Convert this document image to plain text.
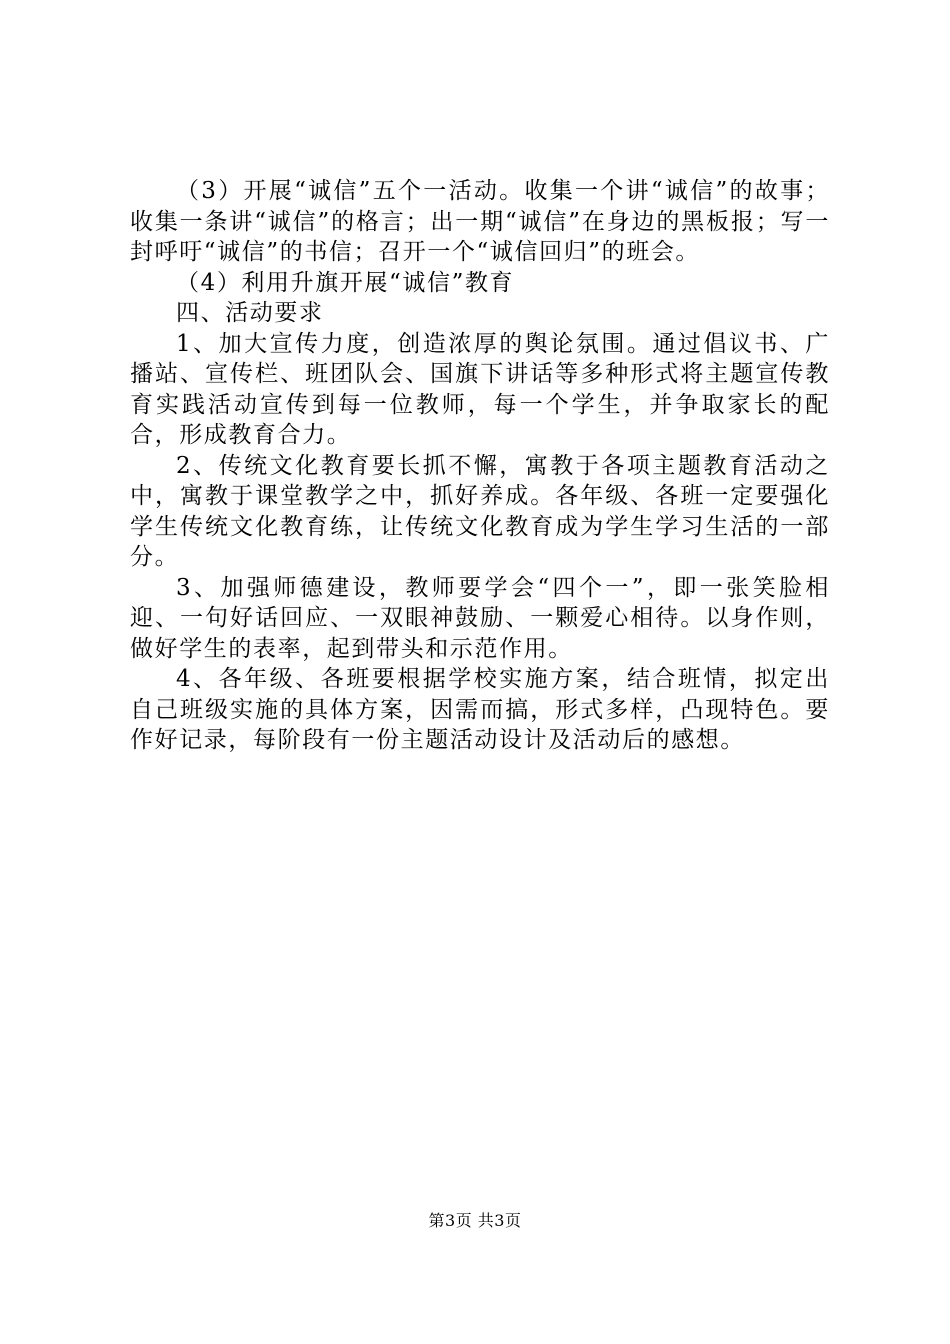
（3）开展“诚信”五个一活动。收集一个讲“诚信”的故事；收集一条讲“诚信”的格言；出一期“诚信”在身边的黑板报；写一封呼吁“诚信”的书信；召开一个“诚信回归”的班会。

（4）利用升旗开展“诚信”教育

四、活动要求

1、加大宣传力度，创造浓厚的舆论氛围。通过倡议书、广播站、宣传栏、班团队会、国旗下讲话等多种形式将主题宣传教育实践活动宣传到每一位教师，每一个学生，并争取家长的配合，形成教育合力。

2、传统文化教育要长抓不懈，寓教于各项主题教育活动之中，寓教于课堂教学之中，抓好养成。各年级、各班一定要强化学生传统文化教育练，让传统文化教育成为学生学习生活的一部分。

3、加强师德建设，教师要学会“四个一”，即一张笑脸相迎、一句好话回应、一双眼神鼓励、一颗爱心相待。以身作则，做好学生的表率，起到带头和示范作用。

4、各年级、各班要根据学校实施方案，结合班情，拟定出自己班级实施的具体方案，因需而搞，形式多样，凸现特色。要作好记录，每阶段有一份主题活动设计及活动后的感想。

第3页 共3页
